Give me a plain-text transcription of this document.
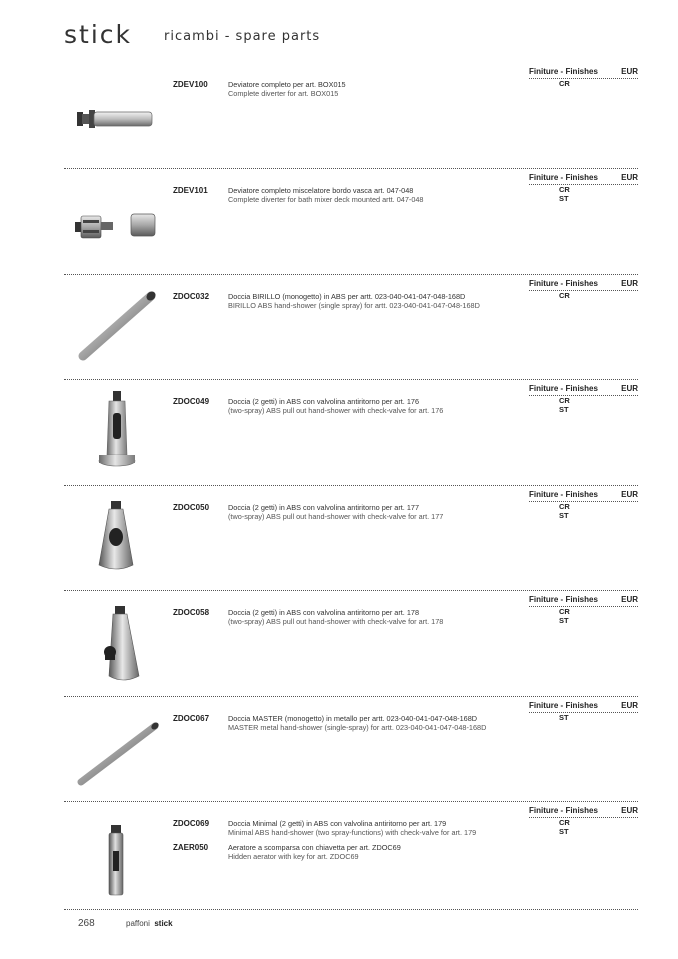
stick ricambi - spare parts
ZDEV100	Deviatore completo per art. BOX015
Complete diverter for art. BOX015
Finiture - Finishes	EUR
CR
ZDEV101	Deviatore completo miscelatore bordo vasca art. 047-048
Complete diverter for bath mixer deck mounted artt. 047-048
Finiture - Finishes	EUR
CR
ST
ZDOC032	Doccia BIRILLO (monogetto) in ABS per artt. 023-040-041-047-048-168D
BIRILLO ABS hand-shower (single spray) for artt. 023-040-041-047-048-168D
Finiture - Finishes	EUR
CR
ZDOC049	Doccia (2 getti) in ABS con valvolina antiritorno per art. 176
(two-spray) ABS pull out hand-shower with check-valve for art. 176
Finiture - Finishes	EUR
CR
ST
ZDOC050	Doccia (2 getti) in ABS con valvolina antiritorno per art. 177
(two-spray) ABS pull out hand-shower with check-valve for art. 177
Finiture - Finishes	EUR
CR
ST
ZDOC058	Doccia (2 getti) in ABS con valvolina antiritorno per art. 178
(two-spray) ABS pull out hand-shower with check-valve for art. 178
Finiture - Finishes	EUR
CR
ST
ZDOC067	Doccia MASTER (monogetto) in metallo per artt. 023-040-041-047-048-168D
MASTER metal hand-shower (single-spray) for artt. 023-040-041-047-048-168D
Finiture - Finishes	EUR
ST
ZDOC069	Doccia Minimal (2 getti) in ABS con valvolina antiritorno per art. 179
Minimal ABS hand-shower (two spray-functions) with check-valve for art. 179
ZAER050	Aeratore a scomparsa con chiavetta per art. ZDOC69
Hidden aerator with key for art. ZDOC69
Finiture - Finishes	EUR
CR
ST
268	paffoni stick
